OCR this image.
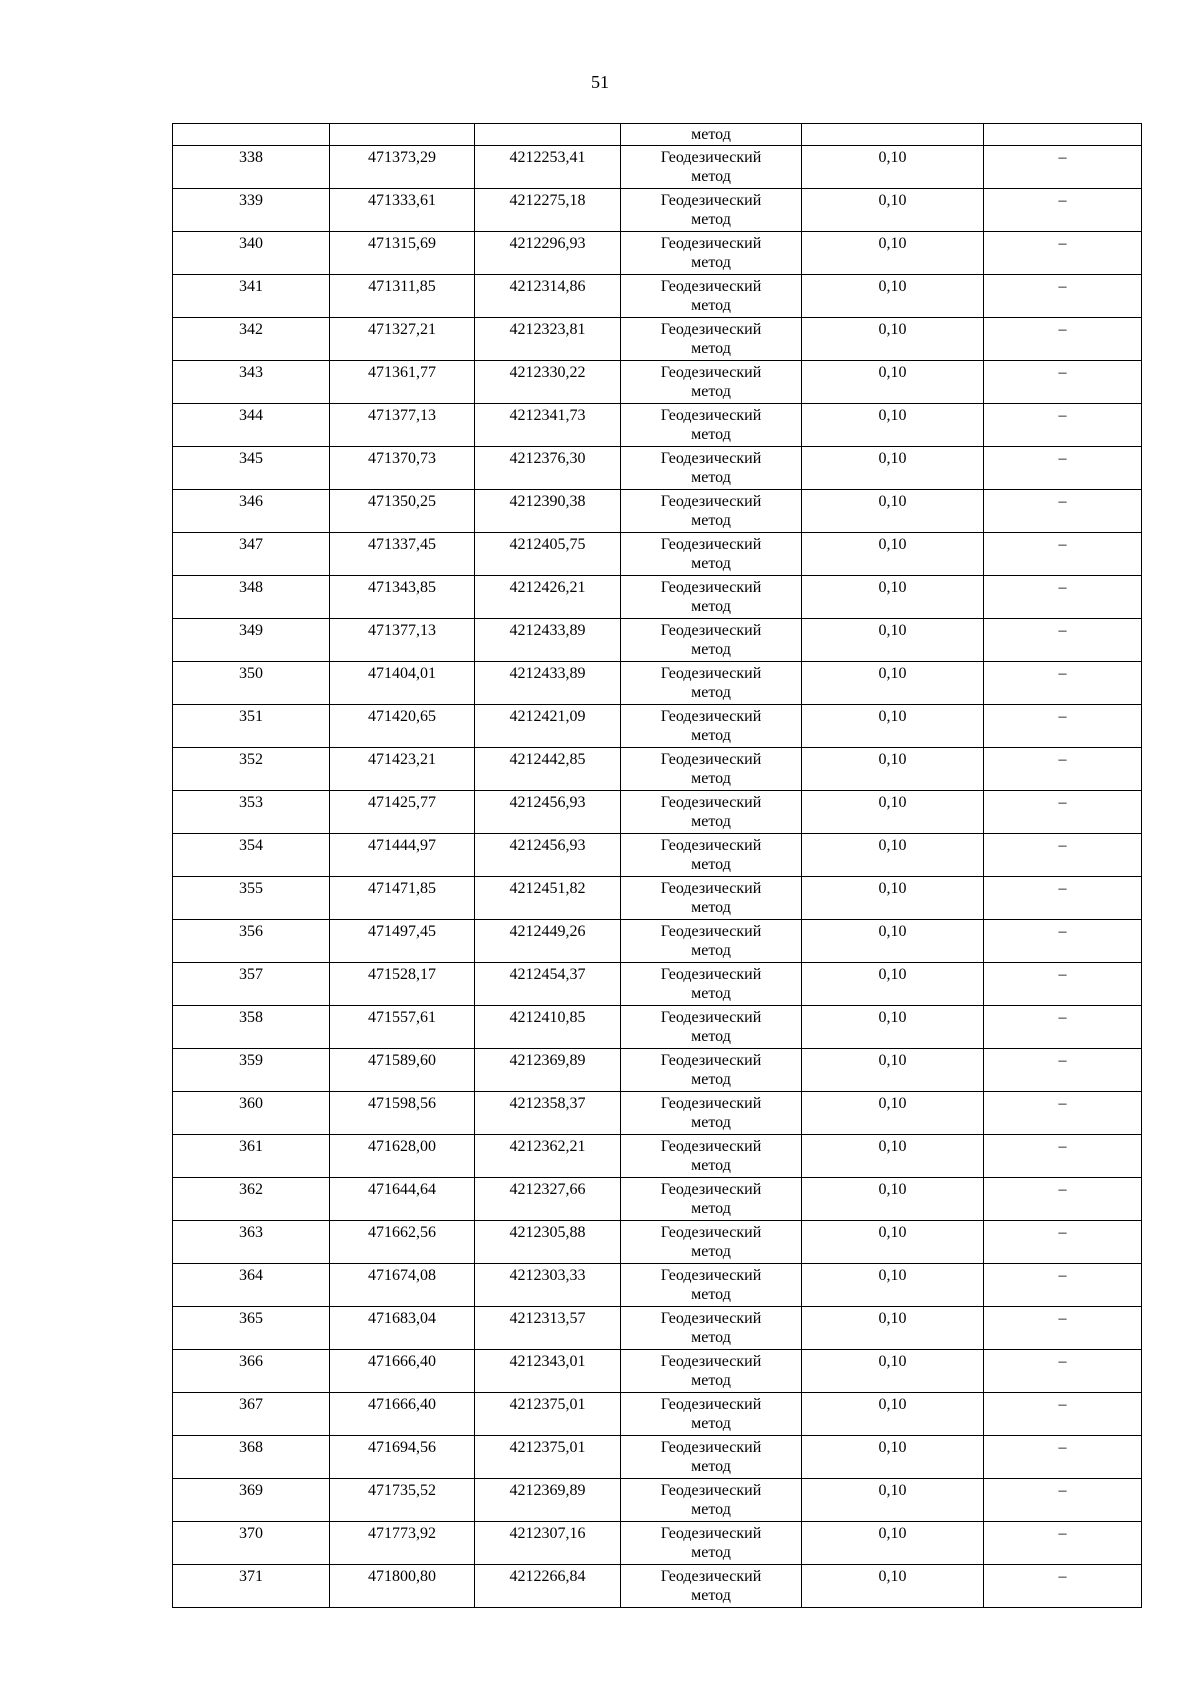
51

			метод		

338	471373,29	4212253,41	Геодезический
метод	0,10	–

339	471333,61	4212275,18	Геодезический
метод	0,10	–

340	471315,69	4212296,93	Геодезический
метод	0,10	–

341	471311,85	4212314,86	Геодезический
метод	0,10	–

342	471327,21	4212323,81	Геодезический
метод	0,10	–

343	471361,77	4212330,22	Геодезический
метод	0,10	–

344	471377,13	4212341,73	Геодезический
метод	0,10	–

345	471370,73	4212376,30	Геодезический
метод	0,10	–

346	471350,25	4212390,38	Геодезический
метод	0,10	–

347	471337,45	4212405,75	Геодезический
метод	0,10	–

348	471343,85	4212426,21	Геодезический
метод	0,10	–

349	471377,13	4212433,89	Геодезический
метод	0,10	–

350	471404,01	4212433,89	Геодезический
метод	0,10	–

351	471420,65	4212421,09	Геодезический
метод	0,10	–

352	471423,21	4212442,85	Геодезический
метод	0,10	–

353	471425,77	4212456,93	Геодезический
метод	0,10	–

354	471444,97	4212456,93	Геодезический
метод	0,10	–

355	471471,85	4212451,82	Геодезический
метод	0,10	–

356	471497,45	4212449,26	Геодезический
метод	0,10	–

357	471528,17	4212454,37	Геодезический
метод	0,10	–

358	471557,61	4212410,85	Геодезический
метод	0,10	–

359	471589,60	4212369,89	Геодезический
метод	0,10	–

360	471598,56	4212358,37	Геодезический
метод	0,10	–

361	471628,00	4212362,21	Геодезический
метод	0,10	–

362	471644,64	4212327,66	Геодезический
метод	0,10	–

363	471662,56	4212305,88	Геодезический
метод	0,10	–

364	471674,08	4212303,33	Геодезический
метод	0,10	–

365	471683,04	4212313,57	Геодезический
метод	0,10	–

366	471666,40	4212343,01	Геодезический
метод	0,10	–

367	471666,40	4212375,01	Геодезический
метод	0,10	–

368	471694,56	4212375,01	Геодезический
метод	0,10	–

369	471735,52	4212369,89	Геодезический
метод	0,10	–

370	471773,92	4212307,16	Геодезический
метод	0,10	–

371	471800,80	4212266,84	Геодезический
метод	0,10	–
